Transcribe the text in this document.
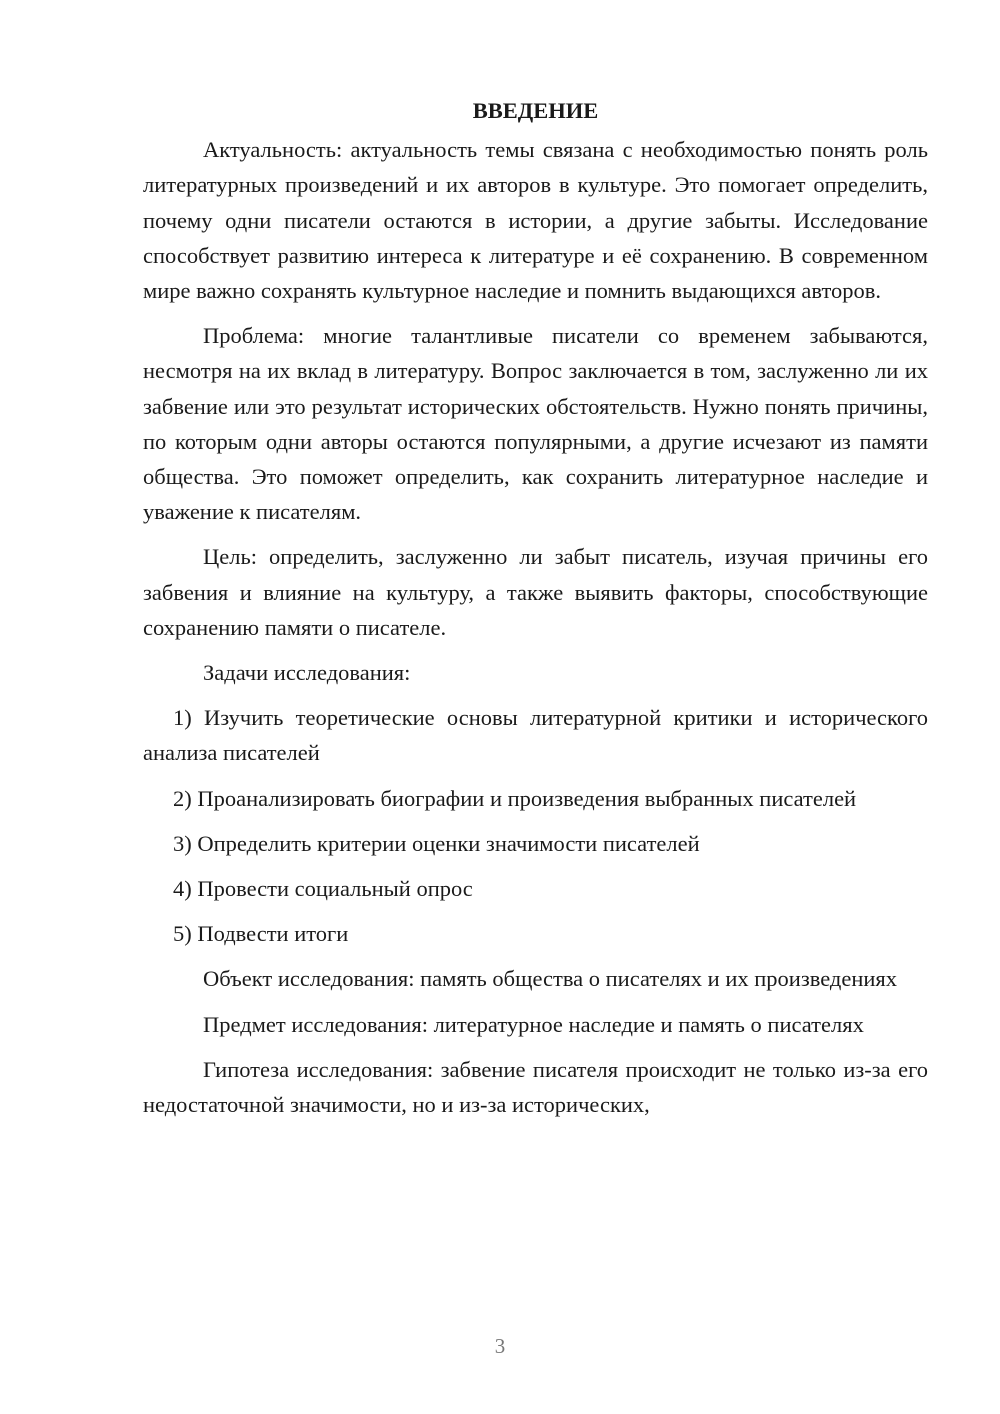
ВВЕДЕНИЕ

Актуальность: актуальность темы связана с необходимостью понять роль литературных произведений и их авторов в культуре. Это помогает определить, почему одни писатели остаются в истории, а другие забыты. Исследование способствует развитию интереса к литературе и её сохранению. В современном мире важно сохранять культурное наследие и помнить выдающихся авторов.

Проблема: многие талантливые писатели со временем забываются, несмотря на их вклад в литературу. Вопрос заключается в том, заслуженно ли их забвение или это результат исторических обстоятельств. Нужно понять причины, по которым одни авторы остаются популярными, а другие исчезают из памяти общества. Это поможет определить, как сохранить литературное наследие и уважение к писателям.

Цель: определить, заслуженно ли забыт писатель, изучая причины его забвения и влияние на культуру, а также выявить факторы, способствующие сохранению памяти о писателе.

Задачи исследования:

1) Изучить теоретические основы литературной критики и исторического анализа писателей

2) Проанализировать биографии и произведения выбранных писателей

3) Определить критерии оценки значимости писателей

4) Провести социальный опрос

5) Подвести итоги

Объект исследования: память общества о писателях и их произведениях

Предмет исследования: литературное наследие и память о писателях

Гипотеза исследования: забвение писателя происходит не только из-за его недостаточной значимости, но и из-за исторических,

3
